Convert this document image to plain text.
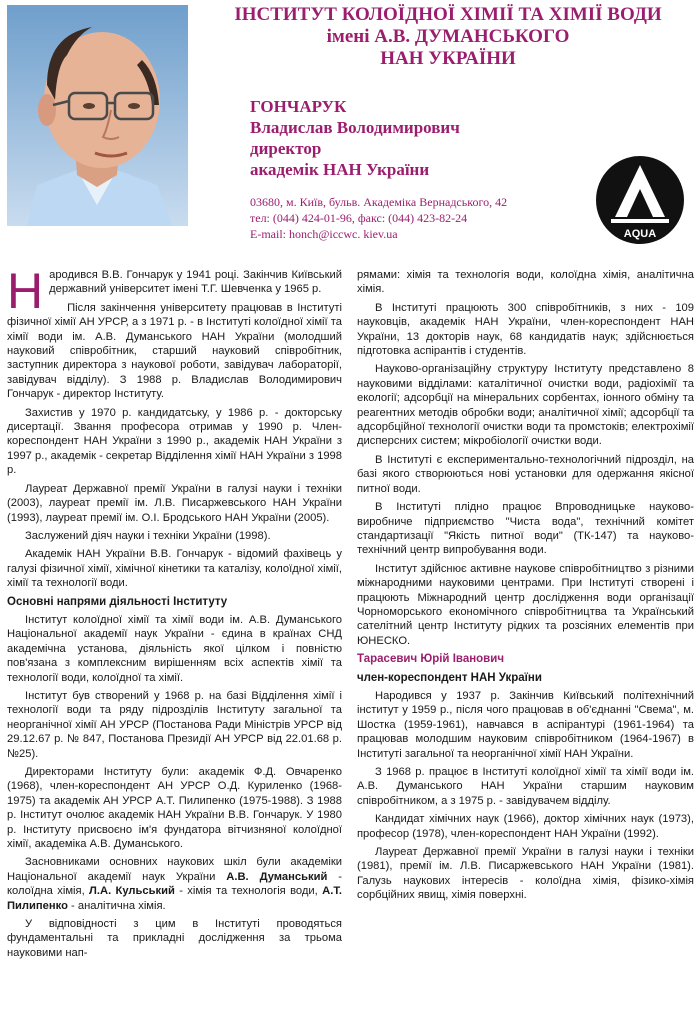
ІНСТИТУТ КОЛОЇДНОЇ ХІМІЇ ТА ХІМІЇ ВОДИ
імені А.В. ДУМАНСЬКОГО
НАН УКРАЇНИ
ГОНЧАРУК
Владислав Володимирович
директор
академік НАН України
03680, м. Київ, бульв. Академіка Вернадського, 42
тел: (044) 424-01-96, факс: (044) 423-82-24
E-mail: honch@iccwc. kiev.ua	AQUA

Народився В.В. Гончарук у 1941 році. Закінчив Київський державний університет імені Т.Г. Шевченка у 1965 р.

Після закінчення університету працював в Інституті фізичної хімії АН УРСР, а з 1971 р. - в Інституті колоїдної хімії та хімії води ім. А.В. Думанського НАН України (молодший науковий співробітник, старший науковий співробітник, заступник директора з наукової роботи, завідувач лабораторії, завідувач відділу). З 1988 р. Владислав Володимирович Гончарук - директор Інституту.

Захистив у 1970 р. кандидатську, у 1986 р. - докторську дисертації. Звання професора отримав у 1990 р. Член-кореспондент НАН України з 1990 р., академік НАН України з 1997 р., академік - секретар Відділення хімії НАН України з 1998 р.

Лауреат Державної премії України в галузі науки і техніки (2003), лауреат премії ім. Л.В. Писаржевського НАН України (1993), лауреат премії ім. О.І. Бродського НАН України (2005).

Заслужений діяч науки і техніки України (1998).

Академік НАН України В.В. Гончарук - відомий фахівець у галузі фізичної хімії, хімічної кінетики та каталізу, колоїдної хімії, хімії та технології води.

Основні напрями діяльності Інституту

Інститут колоїдної хімії та хімії води ім. А.В. Думанського Національної академії наук України - єдина в країнах СНД академічна установа, діяльність якої цілком і повністю пов'язана з комплексним вирішенням всіх аспектів хімії та технології води, колоїдної та хімії.

Інститут був створений у 1968 р. на базі Відділення хімії і технології води та ряду підрозділів Інституту загальної та неорганічної хімії АН УРСР (Постанова Ради Міністрів УРСР від 29.12.67 р. № 847, Постанова Президії АН УРСР від 22.01.68 р. №25).

Директорами Інституту були: академік Ф.Д. Овчаренко (1968), член-кореспондент АН УРСР О.Д. Куриленко (1968-1975) та академік АН УРСР А.Т. Пилипенко (1975-1988). З 1988 р. Інститут очолює академік НАН України В.В. Гончарук. У 1980 р. Інституту присвоєно ім'я фундатора вітчизняної колоїдної хімії, академіка А.В. Думанського.

Засновниками основних наукових шкіл були академіки Національної академії наук України А.В. Думанський - колоїдна хімія, Л.А. Кульський - хімія та технологія води, А.Т. Пилипенко - аналітична хімія.

У відповідності з цим в Інституті проводяться фундаментальні та прикладні дослідження за трьома науковими нап-

рямами: хімія та технологія води, колоїдна хімія, аналітична хімія.

В Інституті працюють 300 співробітників, з них - 109 науковців, академік НАН України, член-кореспондент НАН України, 13 докторів наук, 68 кандидатів наук; здійснюється підготовка аспірантів і студентів.

Науково-організаційну структуру Інституту представлено 8 науковими відділами: каталітичної очистки води, радіохімії та екології; адсорбції на мінеральних сорбентах, іонного обміну та реагентних методів обробки води; аналітичної хімії; адсорбції та адсорбційної технології очистки води та промстоків; електрохімії дисперсних систем; мікробіології очистки води.

В Інституті є експериментально-технологічний підрозділ, на базі якого створюються нові установки для одержання якісної питної води.

В Інституті плідно працює Впроводницьке науково-виробниче підприємство "Чиста вода", технічний комітет стандартизації "Якість питної води" (ТК-147) та науково-технічний центр випробування води.

Інститут здійснює активне наукове співробітництво з різними міжнародними науковими центрами. При Інституті створені і працюють Міжнародний центр дослідження води організації Чорноморського економічного співробітництва та Український сателітний центр Інституту рідких та розсіяних елементів при ЮНЕСКО.

Тарасевич Юрій Іванович

член-кореспондент НАН України

Народився у 1937 р. Закінчив Київський політехнічний інститут у 1959 р., після чого працював в об'єднанні "Свема", м. Шостка (1959-1961), навчався в аспірантурі (1961-1964) та працював молодшим науковим співробітником (1964-1967) в Інституті загальної та неорганічної хімії НАН України.

З 1968 р. працює в Інституті колоїдної хімії та хімії води ім. А.В. Думанського НАН України старшим науковим співробітником, а з 1975 р. - завідувачем відділу.

Кандидат хімічних наук (1966), доктор хімічних наук (1973), професор (1978), член-кореспондент НАН України (1992).

Лауреат Державної премії України в галузі науки і техніки (1981), премії ім. Л.В. Писаржевського НАН України (1981). Галузь наукових інтересів - колоїдна хімія, фізико-хімія сорбційних явищ, хімія поверхні.
